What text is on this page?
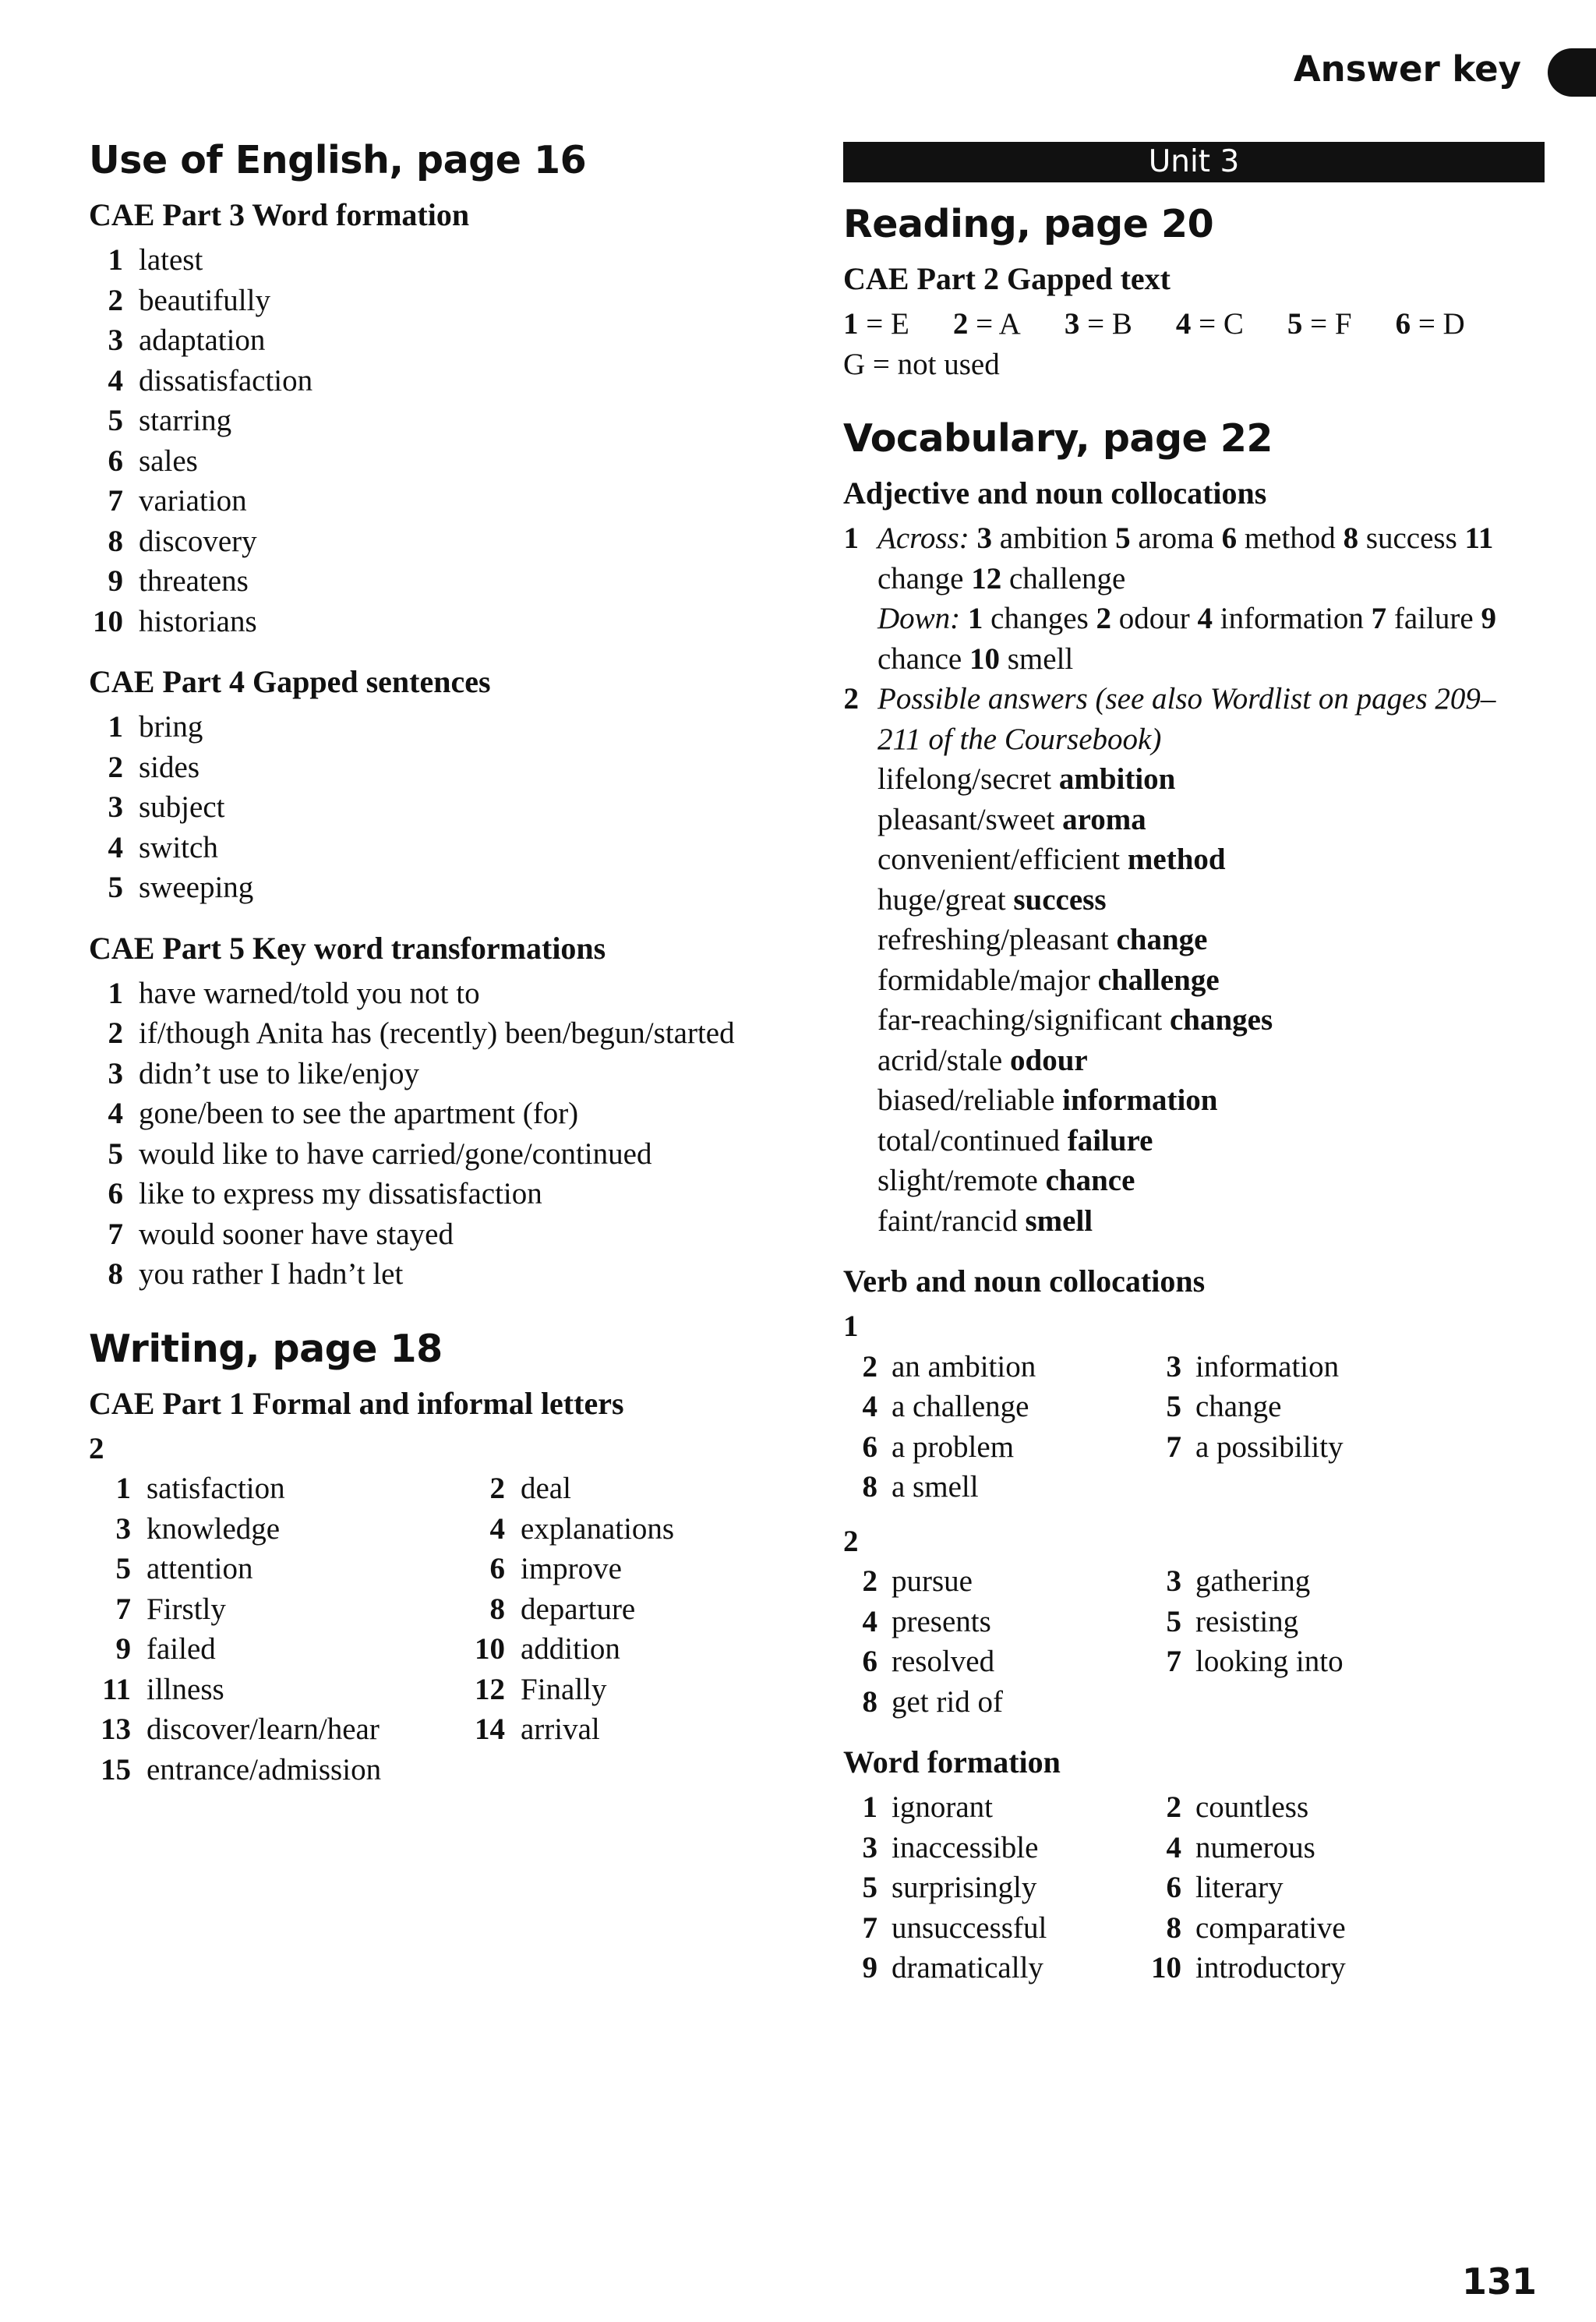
Answer key
Use of English, page 16
CAE Part 3 Word formation
1 latest
2 beautifully
3 adaptation
4 dissatisfaction
5 starring
6 sales
7 variation
8 discovery
9 threatens
10 historians
CAE Part 4 Gapped sentences
1 bring
2 sides
3 subject
4 switch
5 sweeping
CAE Part 5 Key word transformations
1 have warned/told you not to
2 if/though Anita has (recently) been/begun/started
3 didn’t use to like/enjoy
4 gone/been to see the apartment (for)
5 would like to have carried/gone/continued
6 like to express my dissatisfaction
7 would sooner have stayed
8 you rather I hadn’t let
Writing, page 18
CAE Part 1 Formal and informal letters
2
1 satisfaction	2 deal
3 knowledge	4 explanations
5 attention	6 improve
7 Firstly	8 departure
9 failed	10 addition
11 illness	12 Finally
13 discover/learn/hear	14 arrival
15 entrance/admission
Unit 3
Reading, page 20
CAE Part 2 Gapped text
1 = E 2 = A 3 = B 4 = C 5 = F 6 = D
G = not used
Vocabulary, page 22
Adjective and noun collocations
1 Across: 3 ambition 5 aroma 6 method 8 success 11 change 12 challenge
Down: 1 changes 2 odour 4 information 7 failure 9 chance 10 smell
2 Possible answers (see also Wordlist on pages 209–
211 of the Coursebook)
lifelong/secret ambition
pleasant/sweet aroma
convenient/efficient method
huge/great success
refreshing/pleasant change
formidable/major challenge
far-reaching/significant changes
acrid/stale odour
biased/reliable information
total/continued failure
slight/remote chance
faint/rancid smell
Verb and noun collocations
1
2 an ambition	3 information
4 a challenge	5 change
6 a problem	7 a possibility
8 a smell
2
2 pursue	3 gathering
4 presents	5 resisting
6 resolved	7 looking into
8 get rid of
Word formation
1 ignorant	2 countless
3 inaccessible	4 numerous
5 surprisingly	6 literary
7 unsuccessful	8 comparative
9 dramatically	10 introductory
131
